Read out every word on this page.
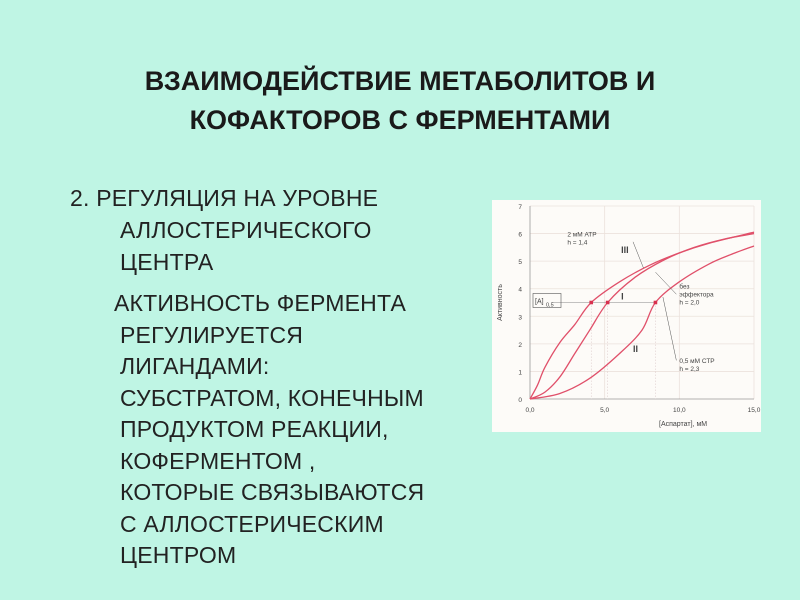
ВЗАИМОДЕЙСТВИЕ МЕТАБОЛИТОВ И
КОФАКТОРОВ С ФЕРМЕНТАМИ

2. РЕГУЛЯЦИЯ НА УРОВНЕ
АЛЛОСТЕРИЧЕСКОГО
ЦЕНТРА

АКТИВНОСТЬ ФЕРМЕНТА
РЕГУЛИРУЕТСЯ
ЛИГАНДАМИ:
СУБСТРАТОМ, КОНЕЧНЫМ
ПРОДУКТОМ РЕАКЦИИ,
КОФЕРМЕНТОМ ,
КОТОРЫЕ СВЯЗЫВАЮТСЯ
С АЛЛОСТЕРИЧЕСКИМ
ЦЕНТРОМ

0
1
2
3
4
5
6
7
0,0	5,0	10,0	15,0
[Аспартат], мМ
Активность	[A] 0,5
III
I
II
2 мМ АТР
h = 1,4
без
эффектора
h = 2,0
0,5 мМ СТР
h = 2,3
